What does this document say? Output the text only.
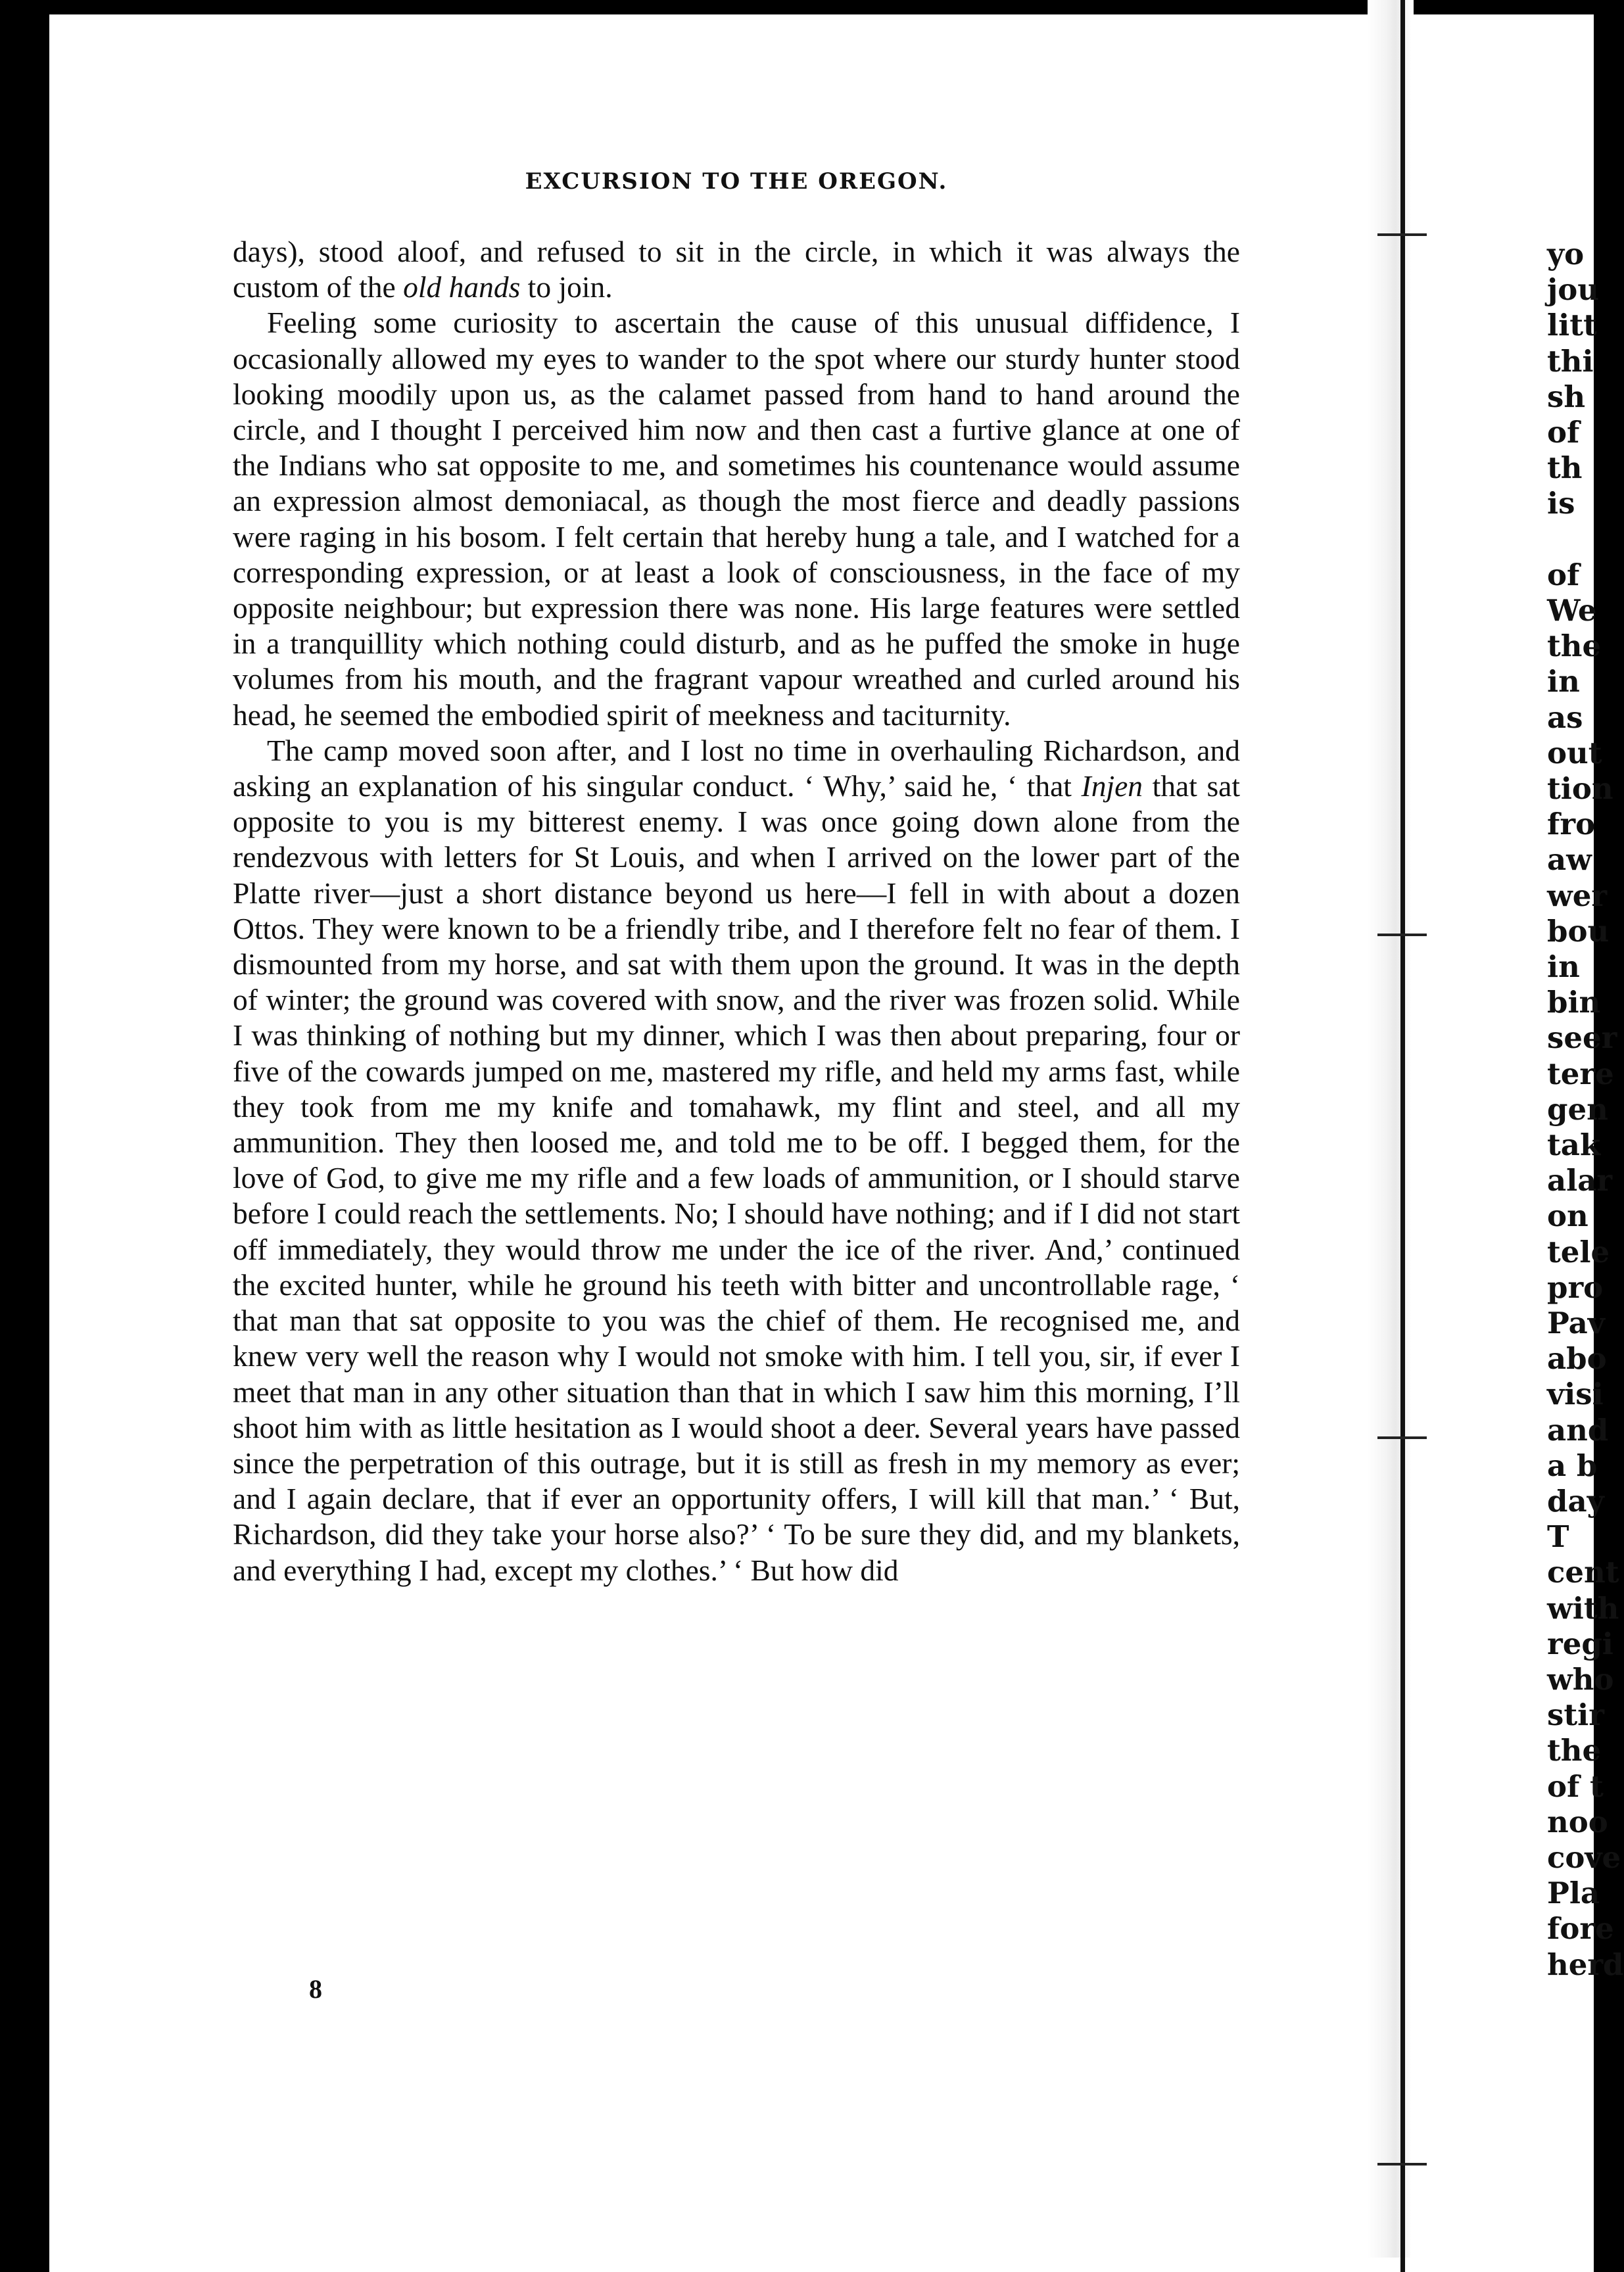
yo
jou
litt
thi
sh
of
th
is
of
We
the
in
as
out
tion
fro
aw
wer
bou
in
bin
seer
tere
gen
tak
alar
on
tele
pro
Pav
abo
visi
and
a b
day
T
cent
with
regi
who
stir
the
of t
noo
cove
Pla
fore
herd
EXCURSION TO THE OREGON.

days), stood aloof, and refused to sit in the circle, in which it was always the custom of the old hands to join.

Feeling some curiosity to ascertain the cause of this unusual diffidence, I occasionally allowed my eyes to wander to the spot where our sturdy hunter stood looking moodily upon us, as the calamet passed from hand to hand around the circle, and I thought I perceived him now and then cast a furtive glance at one of the Indians who sat opposite to me, and sometimes his countenance would assume an expression almost demoniacal, as though the most fierce and deadly passions were raging in his bosom. I felt certain that hereby hung a tale, and I watched for a corresponding expression, or at least a look of consciousness, in the face of my opposite neighbour; but expression there was none. His large features were settled in a tranquillity which nothing could disturb, and as he puffed the smoke in huge volumes from his mouth, and the fragrant vapour wreathed and curled around his head, he seemed the embodied spirit of meekness and taciturnity.

The camp moved soon after, and I lost no time in overhauling Richardson, and asking an explanation of his singular conduct. ‘ Why,’ said he, ‘ that Injen that sat opposite to you is my bitterest enemy. I was once going down alone from the rendezvous with letters for St Louis, and when I arrived on the lower part of the Platte river—just a short distance beyond us here—I fell in with about a dozen Ottos. They were known to be a friendly tribe, and I therefore felt no fear of them. I dismounted from my horse, and sat with them upon the ground. It was in the depth of winter; the ground was covered with snow, and the river was frozen solid. While I was thinking of nothing but my dinner, which I was then about preparing, four or five of the cowards jumped on me, mastered my rifle, and held my arms fast, while they took from me my knife and tomahawk, my flint and steel, and all my ammunition. They then loosed me, and told me to be off. I begged them, for the love of God, to give me my rifle and a few loads of ammunition, or I should starve before I could reach the settlements. No; I should have nothing; and if I did not start off immediately, they would throw me under the ice of the river. And,’ continued the excited hunter, while he ground his teeth with bitter and uncontrollable rage, ‘ that man that sat opposite to you was the chief of them. He recognised me, and knew very well the reason why I would not smoke with him. I tell you, sir, if ever I meet that man in any other situation than that in which I saw him this morning, I’ll shoot him with as little hesitation as I would shoot a deer. Several years have passed since the perpetration of this outrage, but it is still as fresh in my memory as ever; and I again declare, that if ever an opportunity offers, I will kill that man.’ ‘ But, Richardson, did they take your horse also?’ ‘ To be sure they did, and my blankets, and everything I had, except my clothes.’ ‘ But how did

8
